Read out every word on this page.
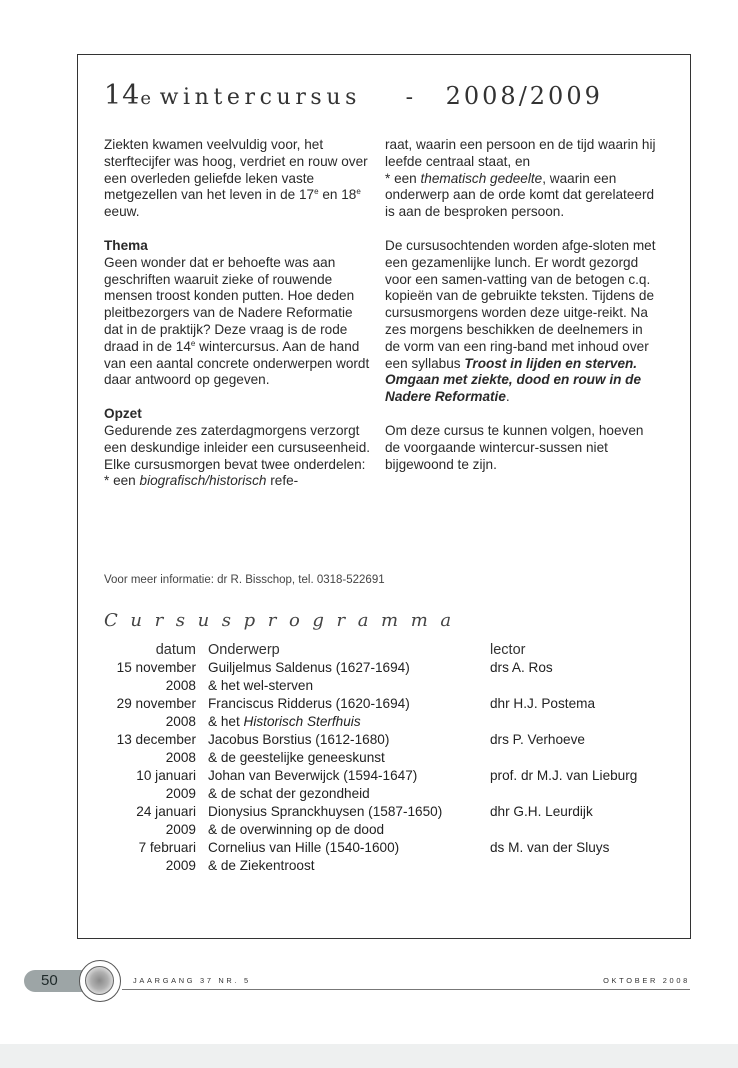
14e wintercursus - 2008/2009

Ziekten kwamen veelvuldig voor, het sterftecijfer was hoog, verdriet en rouw over een overleden geliefde leken vaste metgezellen van het leven in de 17e en 18e eeuw.

Thema

Geen wonder dat er behoefte was aan geschriften waaruit zieke of rouwende mensen troost konden putten. Hoe deden pleitbezorgers van de Nadere Reformatie dat in de praktijk? Deze vraag is de rode draad in de 14e wintercursus. Aan de hand van een aantal concrete onderwerpen wordt daar antwoord op gegeven.

Opzet

Gedurende zes zaterdagmorgens verzorgt een deskundige inleider een cursuseenheid. Elke cursusmorgen bevat twee onderdelen:
* een biografisch/historisch refe-

raat, waarin een persoon en de tijd waarin hij leefde centraal staat, en
* een thematisch gedeelte, waarin een onderwerp aan de orde komt dat gerelateerd is aan de besproken persoon.

De cursusochtenden worden afge-sloten met een gezamenlijke lunch. Er wordt gezorgd voor een samen-vatting van de betogen c.q. kopieën van de gebruikte teksten. Tijdens de cursusmorgens worden deze uitge-reikt. Na zes morgens beschikken de deelnemers in de vorm van een ring-band met inhoud over een syllabus Troost in lijden en sterven. Omgaan met ziekte, dood en rouw in de Nadere Reformatie.

Om deze cursus te kunnen volgen, hoeven de voorgaande wintercur-sussen niet bijgewoond te zijn.

Voor meer informatie: dr R. Bisschop, tel. 0318-522691
Cursusprogramma
datum Onderwerp	lector
15 november Guiljelmus Saldenus (1627-1694)	drs A. Ros
2008 & het wel-sterven
29 november Franciscus Ridderus (1620-1694)	dhr H.J. Postema
2008 & het Historisch Sterfhuis
13 december Jacobus Borstius (1612-1680)	drs P. Verhoeve
2008 & de geestelijke geneeskunst
10 januari Johan van Beverwijck (1594-1647)	prof. dr M.J. van Lieburg
2009 & de schat der gezondheid
24 januari Dionysius Spranckhuysen (1587-1650)	dhr G.H. Leurdijk
2009 & de overwinning op de dood
7 februari Cornelius van Hille (1540-1600)	ds M. van der Sluys
2009 & de Ziekentroost
50	JAARGANG 37 NR. 5	OKTOBER 2008
